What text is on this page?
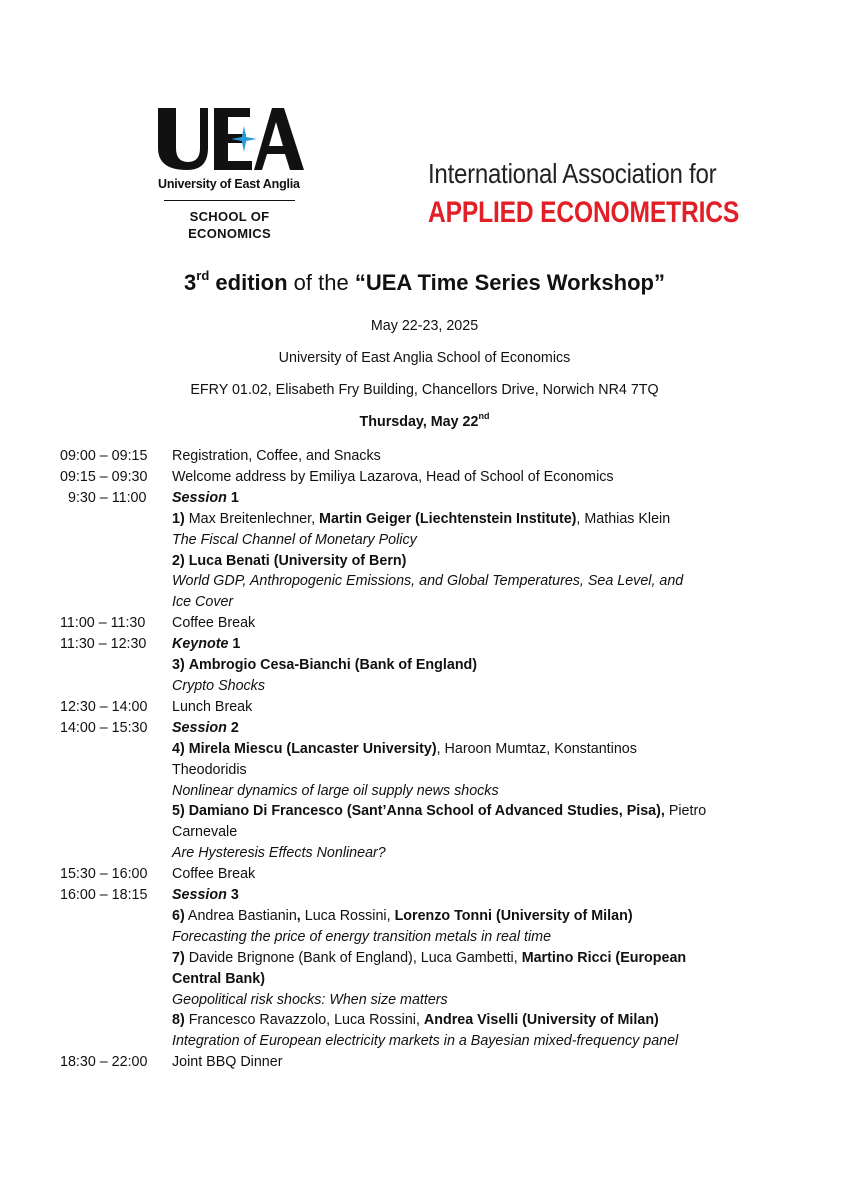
University of East Anglia
SCHOOL OF
ECONOMICS
International Association for
APPLIED ECONOMETRICS
3rd edition of the “UEA Time Series Workshop”
May 22-23, 2025
University of East Anglia School of Economics
EFRY 01.02, Elisabeth Fry Building, Chancellors Drive, Norwich NR4 7TQ
Thursday, May 22nd
09:00 – 09:15	Registration, Coffee, and Snacks
09:15 – 09:30	Welcome address by Emiliya Lazarova, Head of School of Economics
9:30 – 11:00	Session 1
1) Max Breitenlechner, Martin Geiger (Liechtenstein Institute), Mathias Klein
The Fiscal Channel of Monetary Policy
2) Luca Benati (University of Bern)
World GDP, Anthropogenic Emissions, and Global Temperatures, Sea Level, and
Ice Cover
11:00 – 11:30	Coffee Break
11:30 – 12:30	Keynote 1
3) Ambrogio Cesa-Bianchi (Bank of England)
Crypto Shocks
12:30 – 14:00	Lunch Break
14:00 – 15:30	Session 2
4) Mirela Miescu (Lancaster University), Haroon Mumtaz, Konstantinos
Theodoridis
Nonlinear dynamics of large oil supply news shocks
5) Damiano Di Francesco (Sant’Anna School of Advanced Studies, Pisa), Pietro
Carnevale
Are Hysteresis Effects Nonlinear?
15:30 – 16:00	Coffee Break
16:00 – 18:15	Session 3
6) Andrea Bastianin, Luca Rossini, Lorenzo Tonni (University of Milan)
Forecasting the price of energy transition metals in real time
7) Davide Brignone (Bank of England), Luca Gambetti, Martino Ricci (European
Central Bank)
Geopolitical risk shocks: When size matters
8) Francesco Ravazzolo, Luca Rossini, Andrea Viselli (University of Milan)
Integration of European electricity markets in a Bayesian mixed-frequency panel
18:30 – 22:00	Joint BBQ Dinner
